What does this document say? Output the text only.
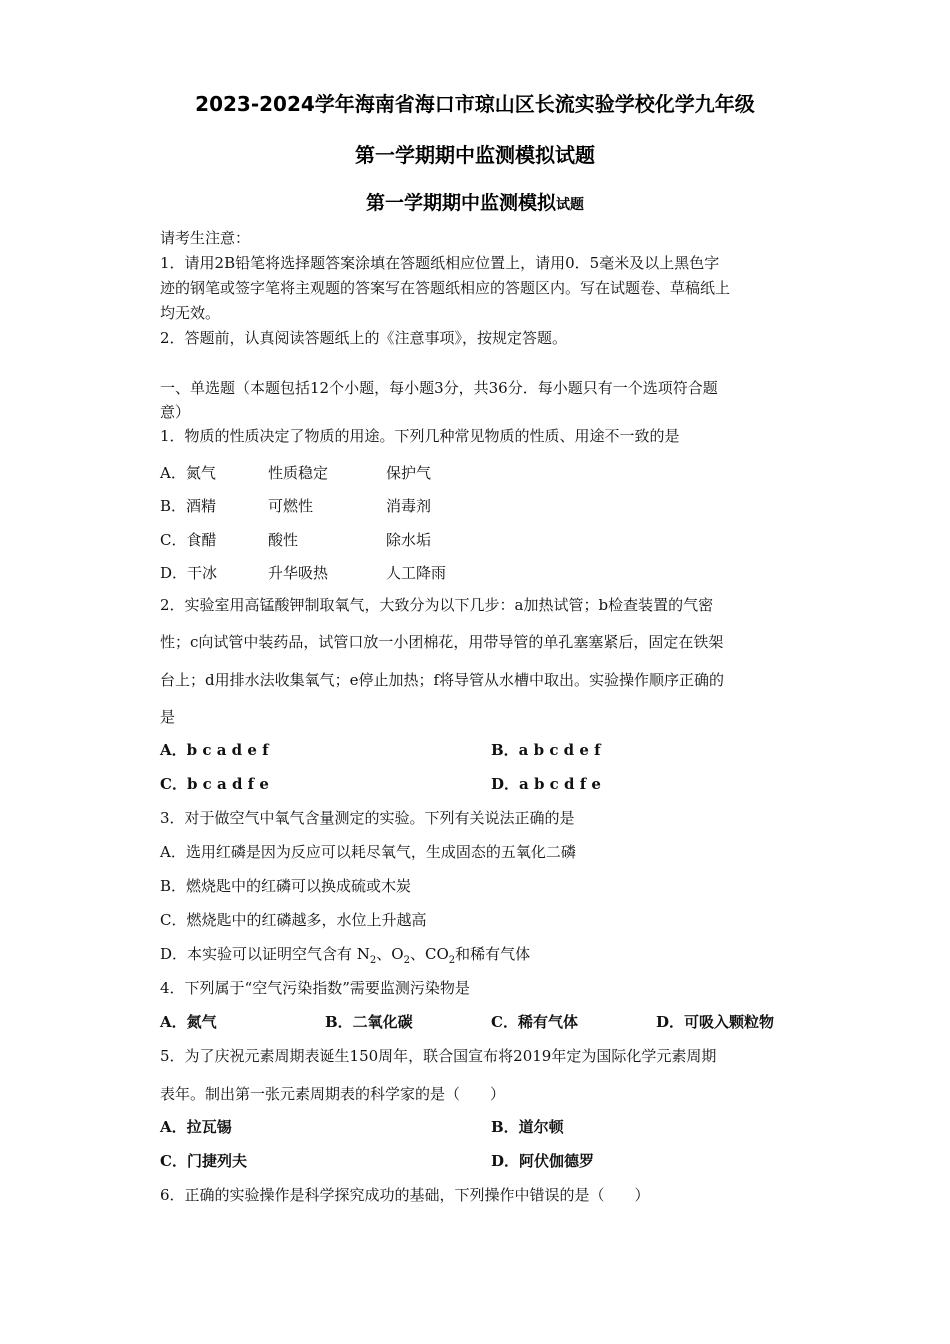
2023-2024学年海南省海口市琼山区长流实验学校化学九年级
第一学期期中监测模拟试题
第一学期期中监测模拟试题
请考生注意：
1．请用2B铅笔将选择题答案涂填在答题纸相应位置上，请用0．5毫米及以上黑色字
迹的钢笔或签字笔将主观题的答案写在答题纸相应的答题区内。写在试题卷、草稿纸上
均无效。
2．答题前，认真阅读答题纸上的《注意事项》，按规定答题。
一、单选题（本题包括12个小题，每小题3分，共36分．每小题只有一个选项符合题
意）
1．物质的性质决定了物质的用途。下列几种常见物质的性质、用途不一致的是
A．氮气	性质稳定	保护气
B．酒精	可燃性	消毒剂
C．食醋	酸性	除水垢
D．干冰	升华吸热	人工降雨
2．实验室用高锰酸钾制取氧气，大致分为以下几步：a加热试管；b检查装置的气密
性；c向试管中装药品，试管口放一小团棉花，用带导管的单孔塞塞紧后，固定在铁架
台上；d用排水法收集氧气；e停止加热；f将导管从水槽中取出。实验操作顺序正确的
是
A．b c a d e f	B．a b c d e f
C．b c a d f e	D．a b c d f e
3．对于做空气中氧气含量测定的实验。下列有关说法正确的是
A．选用红磷是因为反应可以耗尽氧气，生成固态的五氧化二磷
B．燃烧匙中的红磷可以换成硫或木炭
C．燃烧匙中的红磷越多，水位上升越高
D．本实验可以证明空气含有 $N_2$、$O_2$、$CO_2$和稀有气体
4．下列属于“空气污染指数”需要监测污染物是
A．氮气	B．二氧化碳	C．稀有气体	D．可吸入颗粒物
5．为了庆祝元素周期表诞生150周年，联合国宣布将2019年定为国际化学元素周期
表年。制出第一张元素周期表的科学家的是（　　）
A．拉瓦锡	B．道尔顿
C．门捷列夫	D．阿伏伽德罗
6．正确的实验操作是科学探究成功的基础，下列操作中错误的是（　　）
